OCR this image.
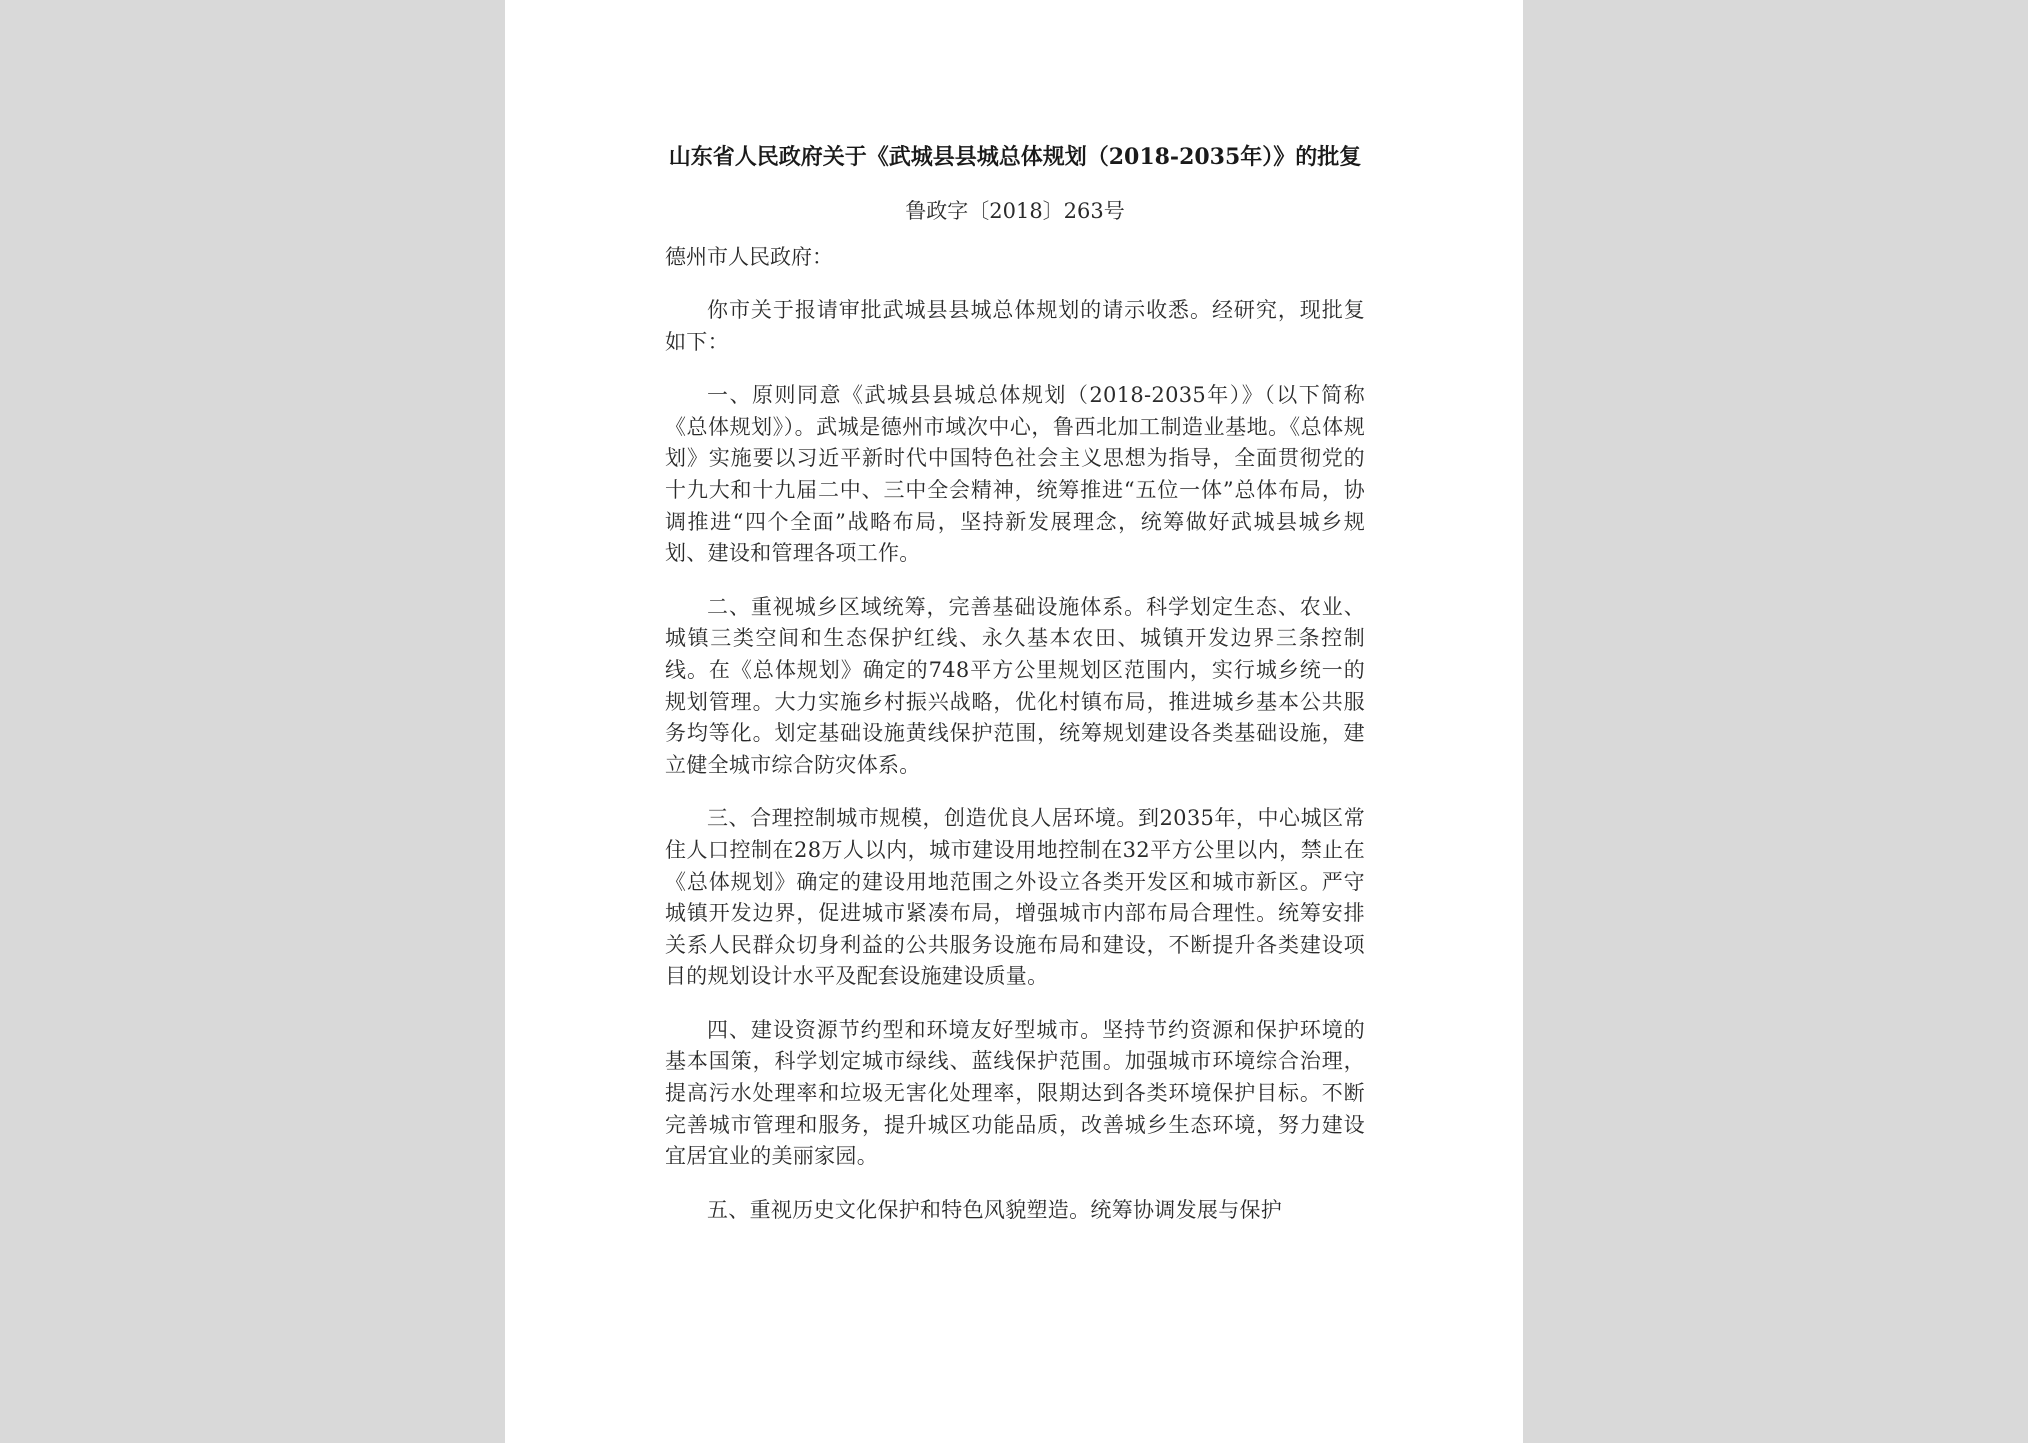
山东省人民政府关于《武城县县城总体规划（2018-2035年）》的批复
鲁政字〔2018〕263号
德州市人民政府：

你市关于报请审批武城县县城总体规划的请示收悉。经研究，现批复如下：

一、原则同意《武城县县城总体规划（2018-2035年）》（以下简称《总体规划》）。武城是德州市域次中心，鲁西北加工制造业基地。《总体规划》实施要以习近平新时代中国特色社会主义思想为指导，全面贯彻党的十九大和十九届二中、三中全会精神，统筹推进“五位一体”总体布局，协调推进“四个全面”战略布局，坚持新发展理念，统筹做好武城县城乡规划、建设和管理各项工作。

二、重视城乡区域统筹，完善基础设施体系。科学划定生态、农业、城镇三类空间和生态保护红线、永久基本农田、城镇开发边界三条控制线。在《总体规划》确定的748平方公里规划区范围内，实行城乡统一的规划管理。大力实施乡村振兴战略，优化村镇布局，推进城乡基本公共服务均等化。划定基础设施黄线保护范围，统筹规划建设各类基础设施，建立健全城市综合防灾体系。

三、合理控制城市规模，创造优良人居环境。到2035年，中心城区常住人口控制在28万人以内，城市建设用地控制在32平方公里以内，禁止在《总体规划》确定的建设用地范围之外设立各类开发区和城市新区。严守城镇开发边界，促进城市紧凑布局，增强城市内部布局合理性。统筹安排关系人民群众切身利益的公共服务设施布局和建设，不断提升各类建设项目的规划设计水平及配套设施建设质量。

四、建设资源节约型和环境友好型城市。坚持节约资源和保护环境的基本国策，科学划定城市绿线、蓝线保护范围。加强城市环境综合治理，提高污水处理率和垃圾无害化处理率，限期达到各类环境保护目标。不断完善城市管理和服务，提升城区功能品质，改善城乡生态环境，努力建设宜居宜业的美丽家园。

五、重视历史文化保护和特色风貌塑造。统筹协调发展与保护
